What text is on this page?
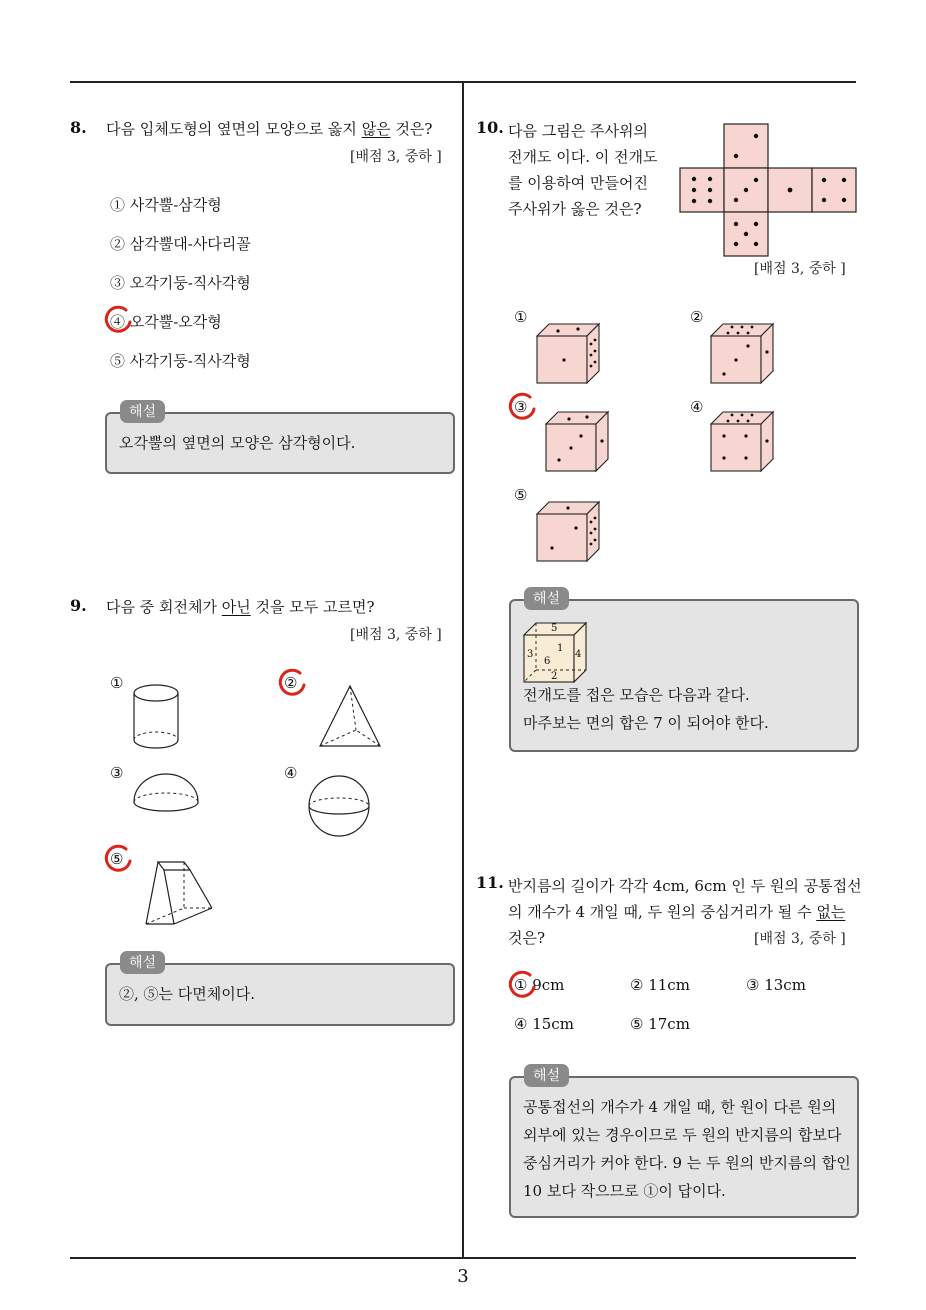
8. 다음 입체도형의 옆면의 모양으로 옳지 않은 것은?
[배점 3, 중하 ]
① 사각뿔-삼각형
② 삼각뿔대-사다리꼴
③ 오각기둥-직사각형
④ 오각뿔-오각형
⑤ 사각기둥-직사각형
오각뿔의 옆면의 모양은 삼각형이다.
해설
9. 다음 중 회전체가 아닌 것을 모두 고르면?
[배점 3, 중하 ]
①	②
③	④
⑤
②, ⑤는 다면체이다.
해설
10. 다음 그림은 주사위의
전개도 이다. 이 전개도
를 이용하여 만들어진
주사위가 옳은 것은?
[배점 3, 중하 ]
①	②
③	④
⑤
5
1
3	4
6
2
전개도를 접은 모습은 다음과 같다.
마주보는 면의 합은 7 이 되어야 한다.
해설
11. 반지름의 길이가 각각 4cm, 6cm 인 두 원의 공통접선
의 개수가 4 개일 때, 두 원의 중심거리가 될 수 없는
것은?	[배점 3, 중하 ]
① 9cm	② 11cm	③ 13cm
④ 15cm	⑤ 17cm
공통접선의 개수가 4 개일 때, 한 원이 다른 원의
외부에 있는 경우이므로 두 원의 반지름의 합보다
중심거리가 커야 한다. 9 는 두 원의 반지름의 합인
10 보다 작으므로 ①이 답이다.
해설
3
